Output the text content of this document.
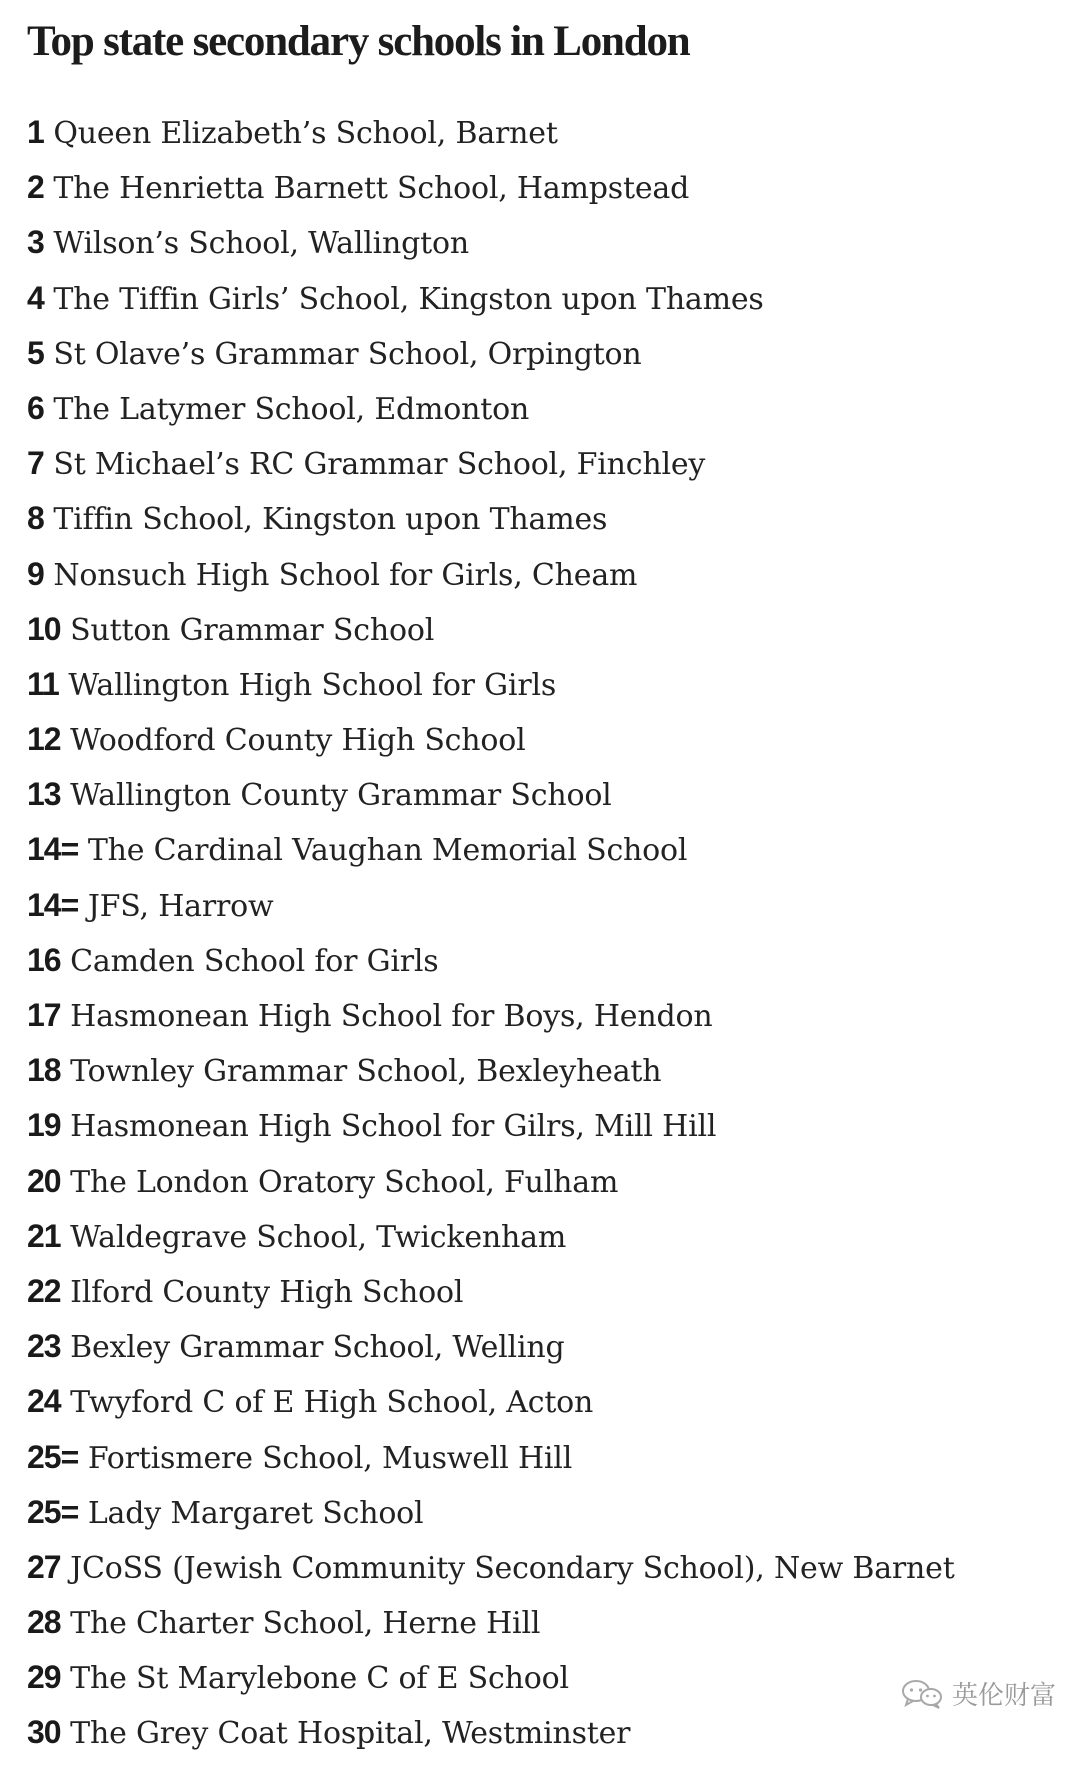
Top state secondary schools in London
1 Queen Elizabeth’s School, Barnet
2 The Henrietta Barnett School, Hampstead
3 Wilson’s School, Wallington
4 The Tiffin Girls’ School, Kingston upon Thames
5 St Olave’s Grammar School, Orpington
6 The Latymer School, Edmonton
7 St Michael’s RC Grammar School, Finchley
8 Tiffin School, Kingston upon Thames
9 Nonsuch High School for Girls, Cheam
10 Sutton Grammar School
11 Wallington High School for Girls
12 Woodford County High School
13 Wallington County Grammar School
14= The Cardinal Vaughan Memorial School
14= JFS, Harrow
16 Camden School for Girls
17 Hasmonean High School for Boys, Hendon
18 Townley Grammar School, Bexleyheath
19 Hasmonean High School for Gilrs, Mill Hill
20 The London Oratory School, Fulham
21 Waldegrave School, Twickenham
22 Ilford County High School
23 Bexley Grammar School, Welling
24 Twyford C of E High School, Acton
25= Fortismere School, Muswell Hill
25= Lady Margaret School
27 JCoSS (Jewish Community Secondary School), New Barnet
28 The Charter School, Herne Hill
29 The St Marylebone C of E School
30 The Grey Coat Hospital, Westminster
英伦财富
